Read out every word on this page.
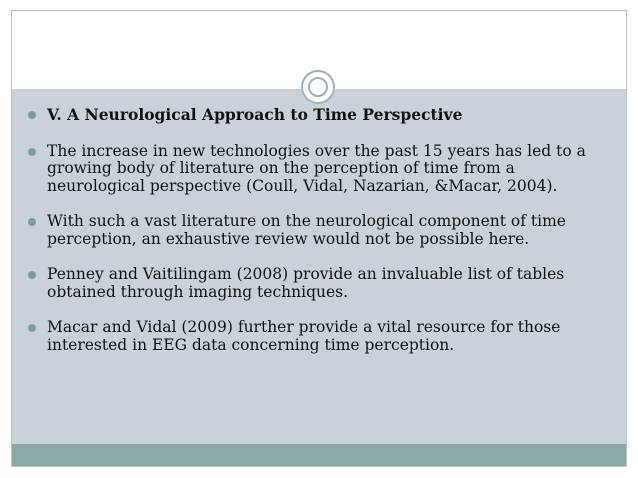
V. A Neurological Approach to Time Perspective
The increase in new technologies over the past 15 years has led to a growing body of literature on the perception of time from a neurological perspective (Coull, Vidal, Nazarian, &Macar, 2004).
With such a vast literature on the neurological component of time perception, an exhaustive review would not be possible here.
Penney and Vaitilingam (2008) provide an invaluable list of tables obtained through imaging techniques.
Macar and Vidal (2009) further provide a vital resource for those interested in EEG data concerning time perception.
